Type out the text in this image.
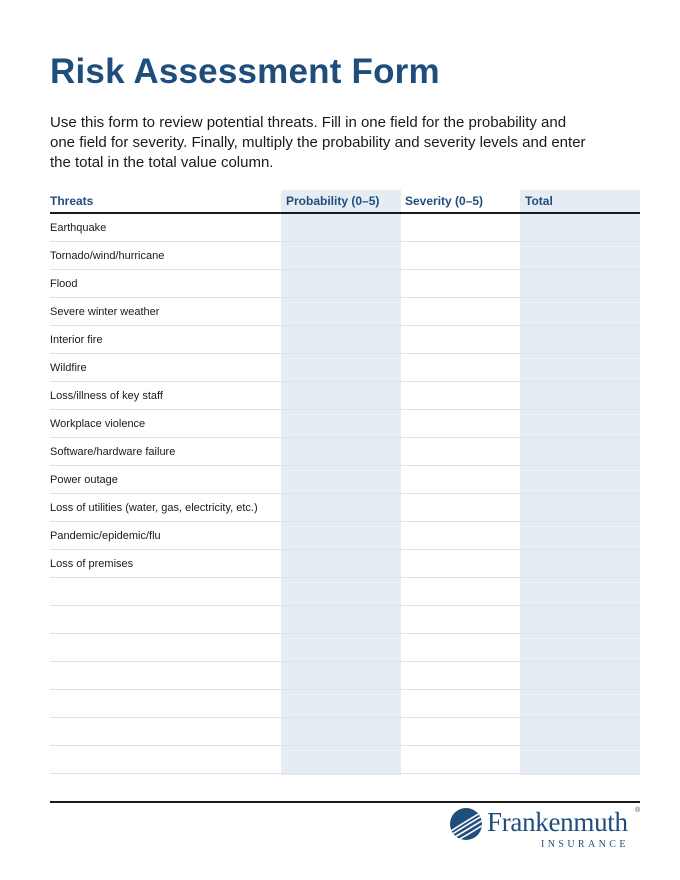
Risk Assessment Form

Use this form to review potential threats. Fill in one field for the probability and one field for severity. Finally, multiply the probability and severity levels and enter the total in the total value column.

Threats	Probability (0–5) Severity (0–5)	Total
Earthquake
Tornado/wind/hurricane
Flood
Severe winter weather
Interior fire
Wildfire
Loss/illness of key staff
Workplace violence
Software/hardware failure
Power outage
Loss of utilities (water, gas, electricity, etc.)
Pandemic/epidemic/flu
Loss of premises
Frankenmuth ®
INSURANCE
